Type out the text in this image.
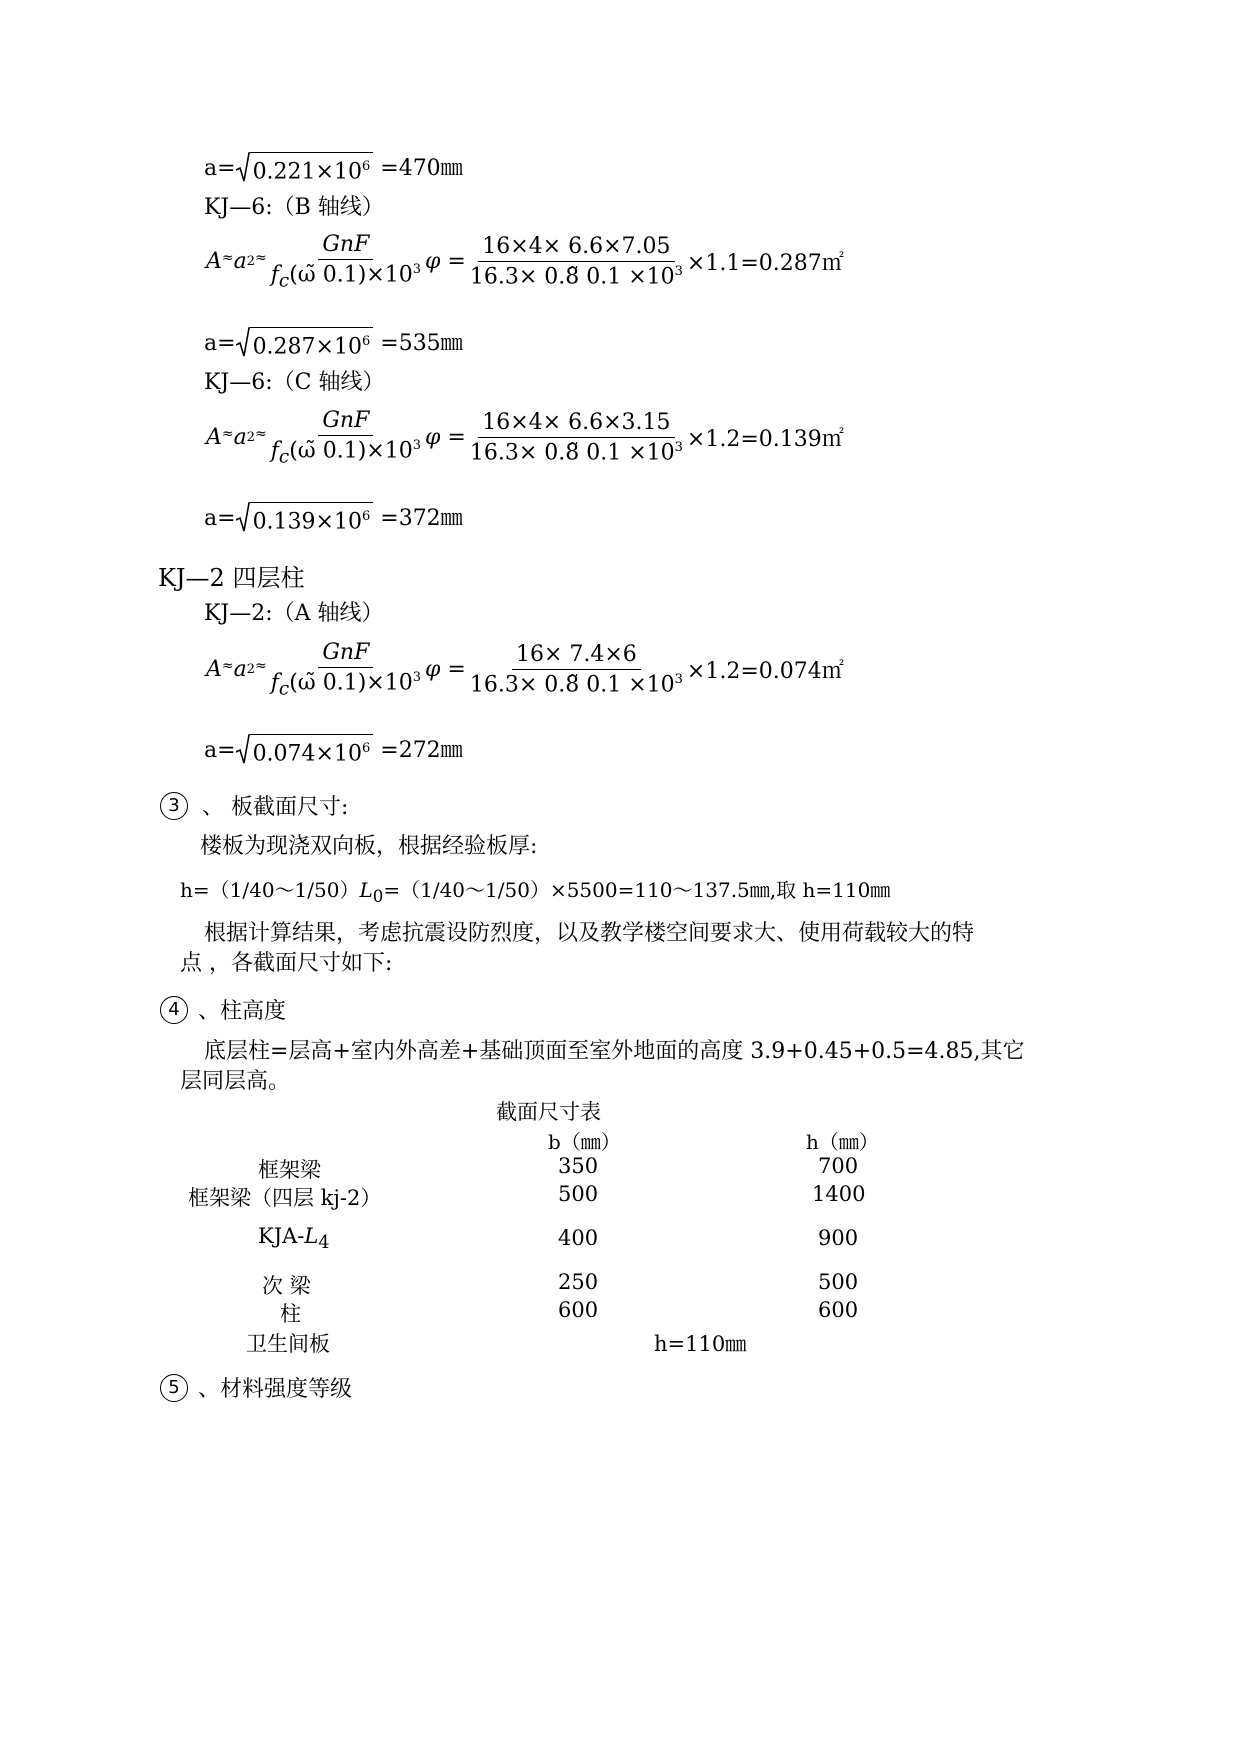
$a= 0.221\times 10^6$ =470㎜
KJ—6:（B 轴线）
A ≈ a $2 \approx \frac{\text{GnF}}{f_c(\omegã 0.1)\times 10^3}$ $\varphi = \frac{16\times 4\times 6.6\times 7.05}{16.3\times 0.8̃ 0.1 \times 10^3}$ ×1.1=0.287㎡
$a= 0.287\times 10^6$ =535㎜
KJ—6:（C 轴线）
A ≈ a $2 \approx \frac{\text{GnF}}{f_c(\omegã 0.1)\times 10^3}$ $\varphi = \frac{16\times 4\times 6.6\times 3.15}{16.3\times 0.8̃ 0.1 \times 10^3}$ ×1.2=0.139㎡
$a= 0.139\times 10^6$ =372㎜
KJ—2 四层柱
KJ—2:（A 轴线）
A ≈ a $2 \approx \frac{\text{GnF}}{f_c(\omegã 0.1)\times 10^3}$ $\varphi = \frac{16\times 7.4\times 6}{16.3\times 0.8̃ 0.1 \times 10^3}$ ×1.2=0.074㎡
$a= 0.074\times 10^6$ =272㎜
3	、 板截面尺寸:
楼板为现浇双向板，根据经验板厚:
$h=(1/40\sim 1/50)L_0=(1/40\sim 1/50)\times 5500=110\sim 137.5㎜$,取 h=110㎜
根据计算结果，考虑抗震设防烈度，以及教学楼空间要求大、使用荷载较大的特
点 ，各截面尺寸如下:
4 、柱高度
底层柱=层高+室内外高差+基础顶面至室外地面的高度 3.9+0.45+0.5=4.85,其它
层同层高。
截面尺寸表
b（㎜）	h（㎜）
框架梁	350	700
框架梁（四层 kj-2）	500	1400
KJA-$L_4$	400	900
次 梁	250	500
柱	600	600
卫生间板	h=110㎜
5 、材料强度等级
